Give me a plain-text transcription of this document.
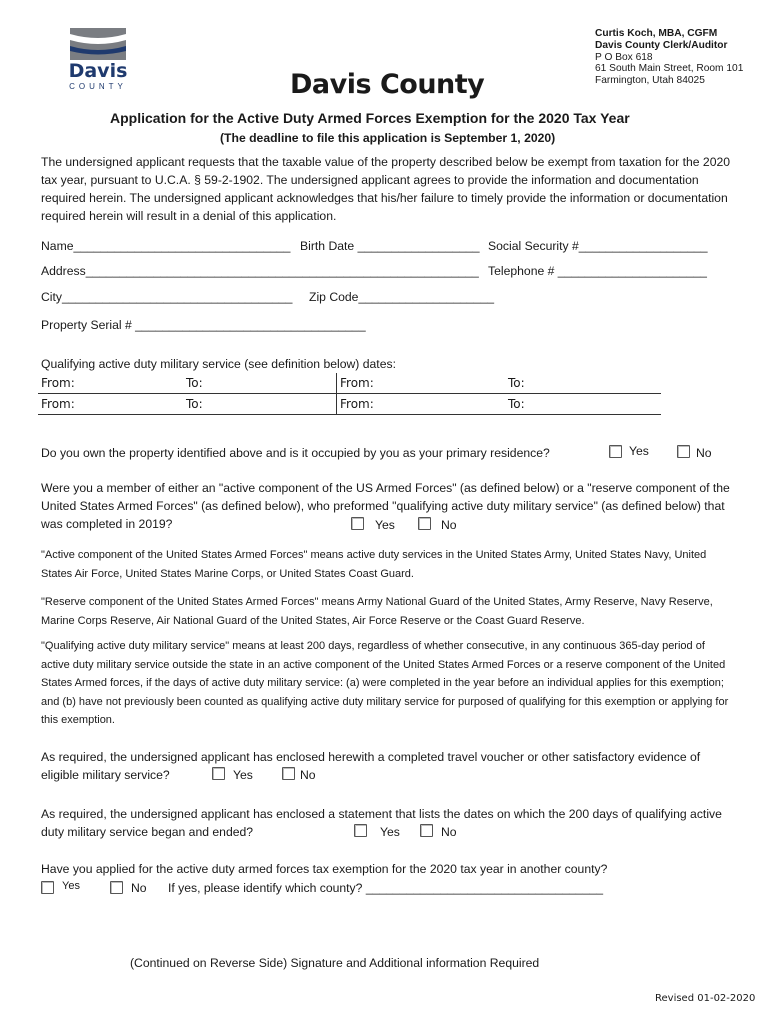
Davis
COUNTY	Davis County
Curtis Koch, MBA, CGFM
Davis County Clerk/Auditor
P O Box 618
61 South Main Street, Room 101
Farmington, Utah 84025
Application for the Active Duty Armed Forces Exemption for the 2020 Tax Year
(The deadline to file this application is September 1, 2020)
The undersigned applicant requests that the taxable value of the property described below be exempt from taxation for the 2020 tax year, pursuant to U.C.A. § 59-2-1902. The undersigned applicant agrees to provide the information and documentation required herein. The undersigned applicant acknowledges that his/her failure to timely provide the information or documentation required herein will result in a denial of this application.
Name________________________________ Birth Date __________________ Social Security #___________________
Address__________________________________________________________ Telephone # ______________________
City__________________________________ Zip Code____________________
Property Serial # __________________________________
Qualifying active duty military service (see definition below) dates:
From:	To:	From:	To:
From:	To:	From:	To:
Do you own the property identified above and is it occupied by you as your primary residence?	Yes	No
Were you a member of either an "active component of the US Armed Forces" (as defined below) or a "reserve component of the United States Armed Forces" (as defined below), who preformed "qualifying active duty military service" (as defined below) that was completed in 2019?	Yes	No
"Active component of the United States Armed Forces" means active duty services in the United States Army, United States Navy, United States Air Force, United States Marine Corps, or United States Coast Guard.
"Reserve component of the United States Armed Forces" means Army National Guard of the United States, Army Reserve, Navy Reserve, Marine Corps Reserve, Air National Guard of the United States, Air Force Reserve or the Coast Guard Reserve.
"Qualifying active duty military service" means at least 200 days, regardless of whether consecutive, in any continuous 365-day period of active duty military service outside the state in an active component of the United States Armed Forces or a reserve component of the United States Armed forces, if the days of active duty military service: (a) were completed in the year before an individual applies for this exemption; and (b) have not previously been counted as qualifying active duty military service for purposed of qualifying for this exemption or applying for this exemption.
As required, the undersigned applicant has enclosed herewith a completed travel voucher or other satisfactory evidence of eligible military service?	Yes	No
As required, the undersigned applicant has enclosed a statement that lists the dates on which the 200 days of qualifying active duty military service began and ended?	Yes	No
Have you applied for the active duty armed forces tax exemption for the 2020 tax year in another county?
Yes	No If yes, please identify which county? ___________________________________
(Continued on Reverse Side) Signature and Additional information Required
Revised 01-02-2020
